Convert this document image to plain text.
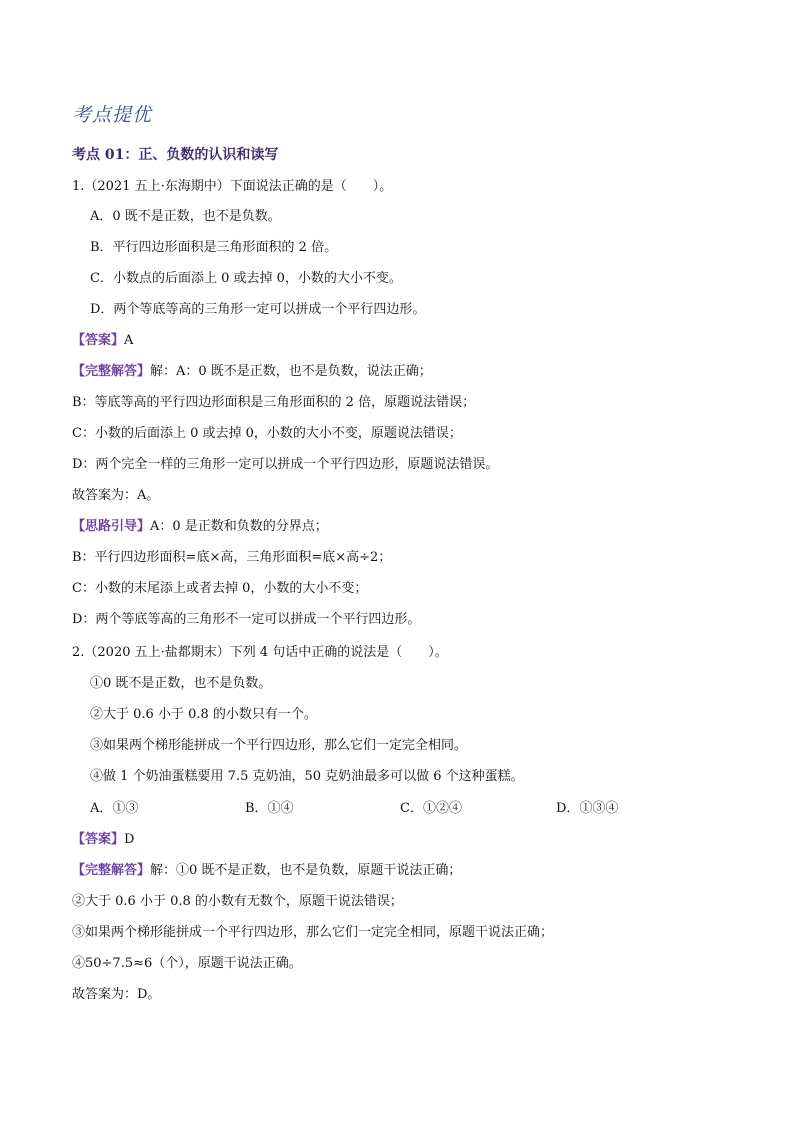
考点提优
考点 01：正、负数的认识和读写
1.（2021 五上·东海期中）下面说法正确的是（　　）。
A．0 既不是正数，也不是负数。
B．平行四边形面积是三角形面积的 2 倍。
C．小数点的后面添上 0 或去掉 0，小数的大小不变。
D．两个等底等高的三角形一定可以拼成一个平行四边形。
【答案】A
【完整解答】解：A：0 既不是正数，也不是负数，说法正确；
B：等底等高的平行四边形面积是三角形面积的 2 倍，原题说法错误；
C：小数的后面添上 0 或去掉 0，小数的大小不变，原题说法错误；
D：两个完全一样的三角形一定可以拼成一个平行四边形，原题说法错误。
故答案为：A。
【思路引导】A：0 是正数和负数的分界点；
B：平行四边形面积=底×高，三角形面积=底×高÷2；
C：小数的末尾添上或者去掉 0，小数的大小不变；
D：两个等底等高的三角形不一定可以拼成一个平行四边形。
2.（2020 五上·盐都期末）下列 4 句话中正确的说法是（　　）。
①0 既不是正数，也不是负数。
②大于 0.6 小于 0.8 的小数只有一个。
③如果两个梯形能拼成一个平行四边形，那么它们一定完全相同。
④做 1 个奶油蛋糕要用 7.5 克奶油，50 克奶油最多可以做 6 个这种蛋糕。
A．①③	B．①④	C．①②④	D．①③④
【答案】D
【完整解答】解：①0 既不是正数，也不是负数，原题干说法正确；
②大于 0.6 小于 0.8 的小数有无数个，原题干说法错误；
③如果两个梯形能拼成一个平行四边形，那么它们一定完全相同，原题干说法正确；
④50÷7.5≈6（个），原题干说法正确。
故答案为：D。
